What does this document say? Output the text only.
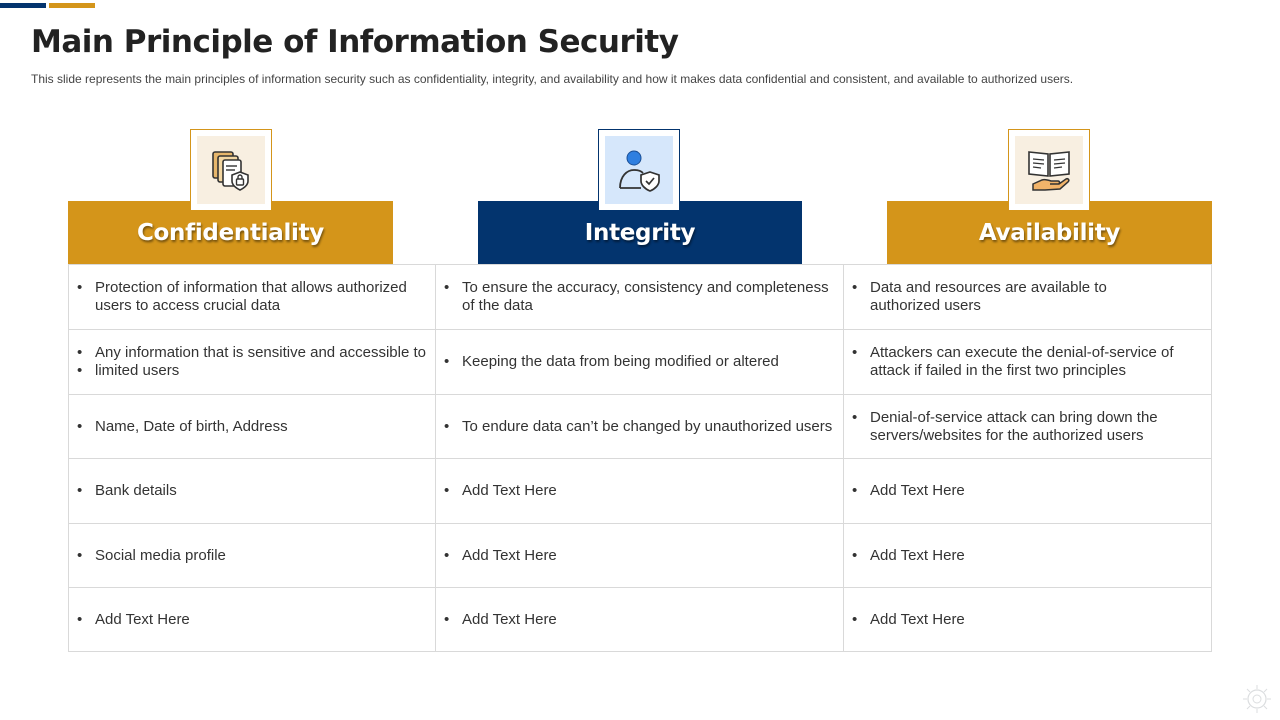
Main Principle of Information Security

This slide represents the main principles of information security such as confidentiality, integrity, and availability and how it makes data confidential and consistent, and available to authorized users.

Confidentiality	Integrity	Availability
• Protection of information that allows authorized users to access crucial data
• Any information that is sensitive and accessible to
• limited users
• Name, Date of birth, Address
• Bank details
• Social media profile
• Add Text Here
• To ensure the accuracy, consistency and completeness of the data
• Keeping the data from being modified or altered
• To endure data can’t be changed by unauthorized users
• Add Text Here
• Add Text Here
• Add Text Here
• Data and resources are available to authorized users
• Attackers can execute the denial-of-service of attack if failed in the first two principles
• Denial-of-service attack can bring down the servers/websites for the authorized users
• Add Text Here
• Add Text Here
• Add Text Here
